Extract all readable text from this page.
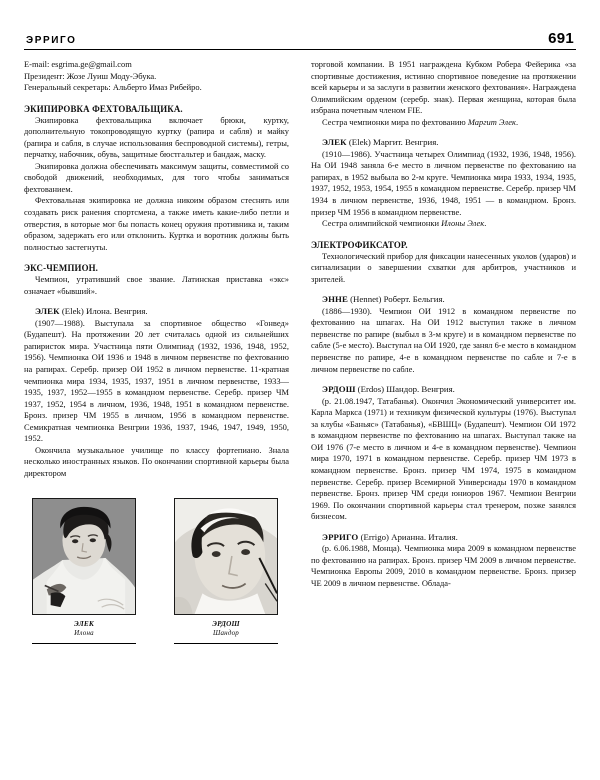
ЭРРИГО	691

E-mail: esgrima.ge@gmail.com

Президент: Жозе Луиш Моду-Эбука.

Генеральный секретарь: Альберто Имаз Рибейро.

ЭКИПИРОВКА ФЕХТОВАЛЬЩИКА.

Экипировка фехтовальщика включает брюки, куртку, дополнительную токопроводящую куртку (рапира и сабля) и майку (рапира и сабля, в случае использования беспроводной системы), гетры, перчатку, набочник, обувь, защитные бюстгальтер и бандаж, маску.

Экипировка должна обеспечивать максимум защиты, совместимой со свободой движений, необходимых, для того чтобы заниматься фехтованием.

Фехтовальная экипировка не должна никоим образом стеснять или создавать риск ранения спортсмена, а также иметь какие-либо петли и отверстия, в которые мог бы попасть конец оружия противника и, таким образом, задержать его или отклонить. Куртка и воротник должны быть полностью застегнуты.

ЭКС-ЧЕМПИОН.

Чемпион, утративший свое звание. Латинская приставка «экс» означает «бывший».

ЭЛЕК (Elek) Илона. Венгрия.

(1907—1988). Выступала за спортивное общество «Гонвед» (Будапешт). На протяжении 20 лет считалась одной из сильнейших рапиристок мира. Участница пяти Олимпиад (1932, 1936, 1948, 1952, 1956). Чемпионка ОИ 1936 и 1948 в личном первенстве по фехтованию на рапирах. Серебр. призер ОИ 1952 в личном первенстве. 11-кратная чемпионка мира 1934, 1935, 1937, 1951 в личном первенстве, 1933—1935, 1937, 1952—1955 в командном первенстве. Серебр. призер ЧМ 1937, 1952, 1954 в личном, 1936, 1948, 1951 в командном первенстве. Бронз. призер ЧМ 1955 в личном, 1956 в командном первенстве. Семикратная чемпионка Венгрии 1936, 1937, 1946, 1947, 1949, 1950, 1952.

Окончила музыкальное училище по классу фортепиано. Знала несколько иностранных языков. По окончании спортивной карьеры была директором

ЭЛЕК
Илона
ЭРДОШ
Шандор

торговой компании. В 1951 награждена Кубком Робера Фейерика «за спортивные достижения, истинно спортивное поведение на протяжении всей карьеры и за заслуги в развитии женского фехтования». Награждена Олимпийским орденом (серебр. знак). Первая женщина, которая была избрана почетным членом FIE.

Сестра чемпионки мира по фехтованию Маргит Элек.

ЭЛЕК (Elek) Маргит. Венгрия.

(1910—1986). Участница четырех Олимпиад (1932, 1936, 1948, 1956). На ОИ 1948 заняла 6-е место в личном первенстве по фехтованию на рапирах, в 1952 выбыла во 2-м круге. Чемпионка мира 1933, 1934, 1935, 1937, 1952, 1953, 1954, 1955 в командном первенстве. Серебр. призер ЧМ 1934 в личном первенстве, 1936, 1948, 1951 — в командном. Бронз. призер ЧМ 1956 в командном первенстве.

Сестра олимпийской чемпионки Илоны Элек.

ЭЛЕКТРОФИКСАТОР.

Технологический прибор для фиксации нанесенных уколов (ударов) и сигнализации о завершении схватки для арбитров, участников и зрителей.

ЭННЕ (Hennet) Роберт. Бельгия.

(1886—1930). Чемпион ОИ 1912 в командном первенстве по фехтованию на шпагах. На ОИ 1912 выступил также в личном первенстве по рапире (выбыл в 3-м круге) и в командном первенстве по сабле (5-е место). Выступал на ОИ 1920, где занял 6-е место в командном первенстве по рапире, 4-е в командном первенстве по сабле и 7-е в личном первенстве по сабле.

ЭРДОШ (Erdos) Шандор. Венгрия.

(р. 21.08.1947, Татабанья). Окончил Экономический университет им. Карла Маркса (1971) и техникум физической культуры (1976). Выступал за клубы «Баньяс» (Татабанья), «БВШЦ» (Будапешт). Чемпион ОИ 1972 в командном первенстве по фехтованию на шпагах. Выступал также на ОИ 1976 (7-е место в личном и 4-е в командном первенстве). Чемпион мира 1970, 1971 в командном первенстве. Серебр. призер ЧМ 1973 в командном первенстве. Бронз. призер ЧМ 1974, 1975 в командном первенстве. Серебр. призер Всемирной Универсиады 1970 в командном первенстве. Бронз. призер ЧМ среди юниоров 1967. Чемпион Венгрии 1969. По окончании спортивной карьеры стал тренером, позже занялся бизнесом.

ЭРРИГО (Errigo) Арианна. Италия.

(р. 6.06.1988, Монца). Чемпионка мира 2009 в командном первенстве по фехтованию на рапирах. Бронз. призер ЧМ 2009 в личном первенстве. Чемпионка Европы 2009, 2010 в командном первенстве. Бронз. призер ЧЕ 2009 в личном первенстве. Облада-
